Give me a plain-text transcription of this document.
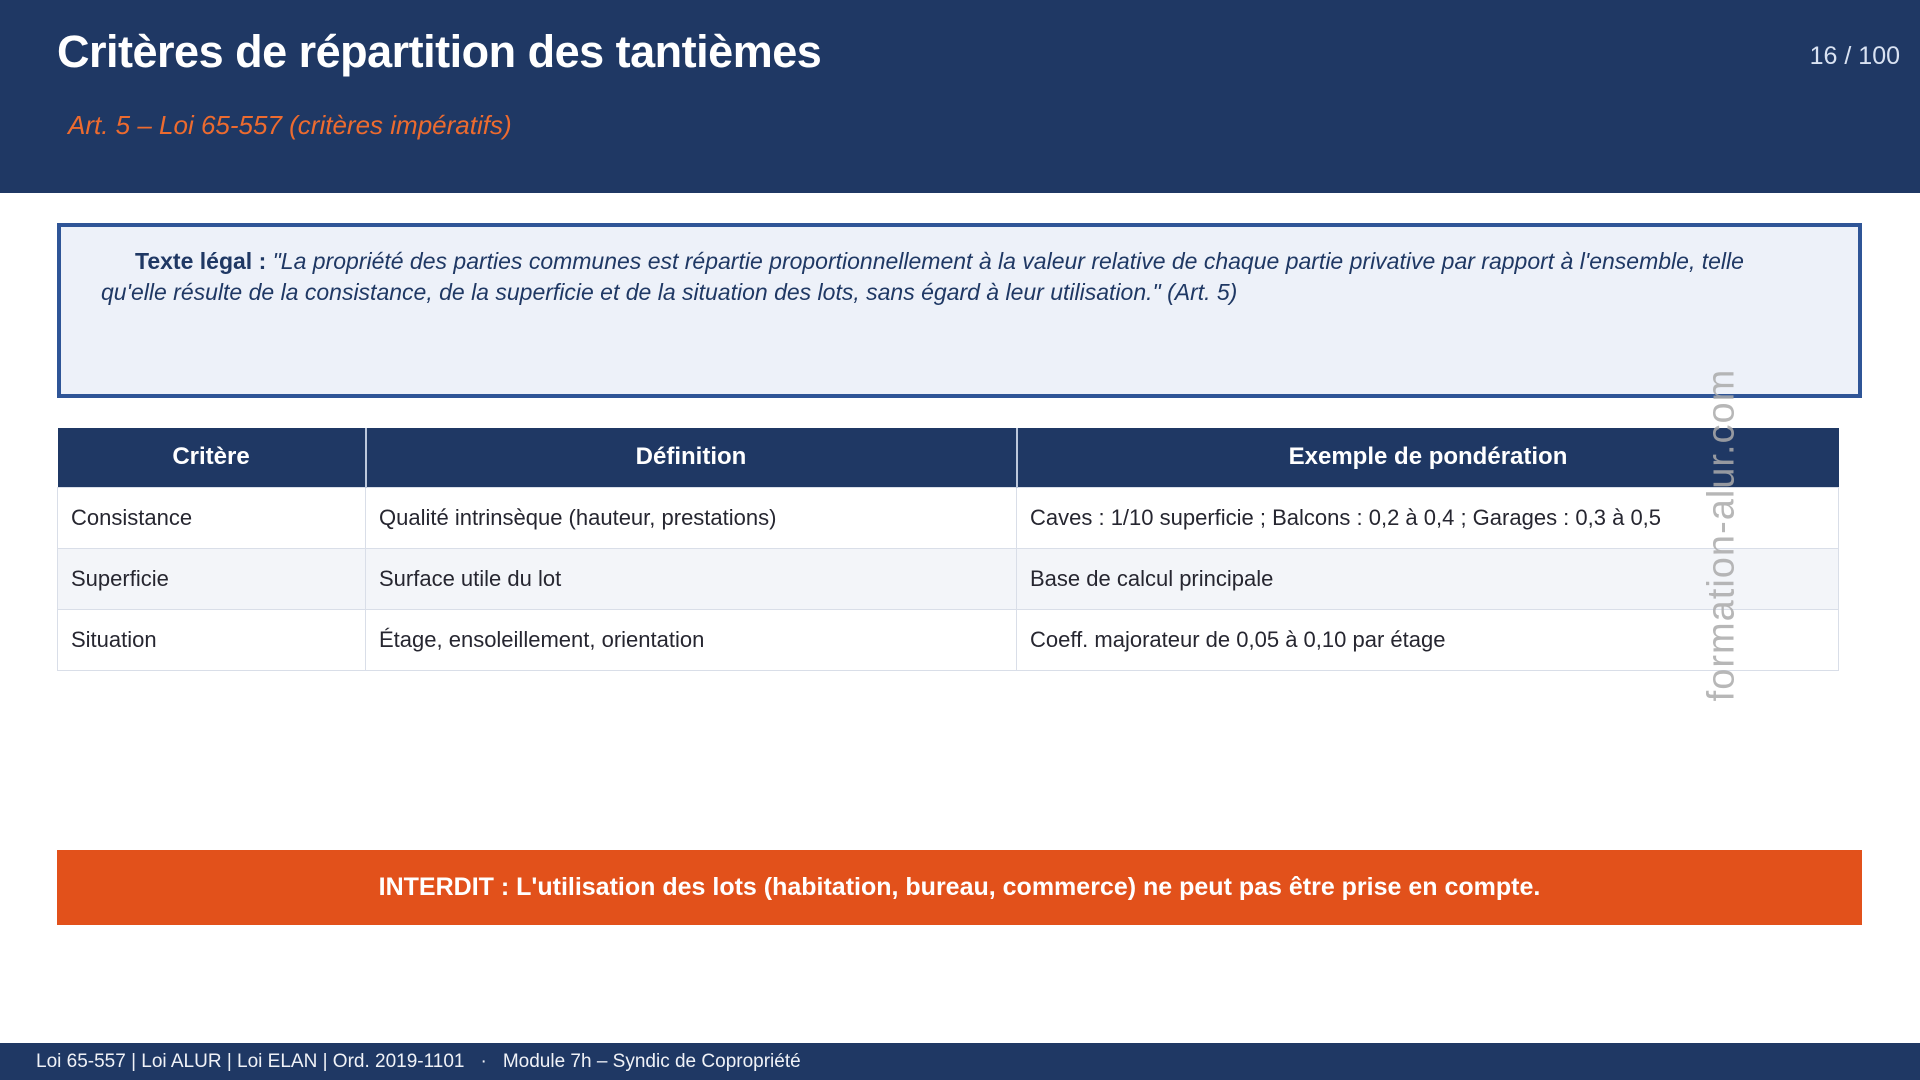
Critères de répartition des tantièmes
Art. 5 – Loi 65-557 (critères impératifs)
16 / 100
Texte légal : "La propriété des parties communes est répartie proportionnellement à la valeur relative de chaque partie privative par rapport à l'ensemble, telle qu'elle résulte de la consistance, de la superficie et de la situation des lots, sans égard à leur utilisation." (Art. 5)
Critère	Définition	Exemple de pondération
Consistance	Qualité intrinsèque (hauteur, prestations)	Caves : 1/10 superficie ; Balcons : 0,2 à 0,4 ; Garages : 0,3 à 0,5
Superficie	Surface utile du lot	Base de calcul principale
Situation	Étage, ensoleillement, orientation	Coeff. majorateur de 0,05 à 0,10 par étage	formation-alur.com
INTERDIT : L'utilisation des lots (habitation, bureau, commerce) ne peut pas être prise en compte.
Loi 65-557 | Loi ALUR | Loi ELAN | Ord. 2019-1101 · Module 7h – Syndic de Copropriété
